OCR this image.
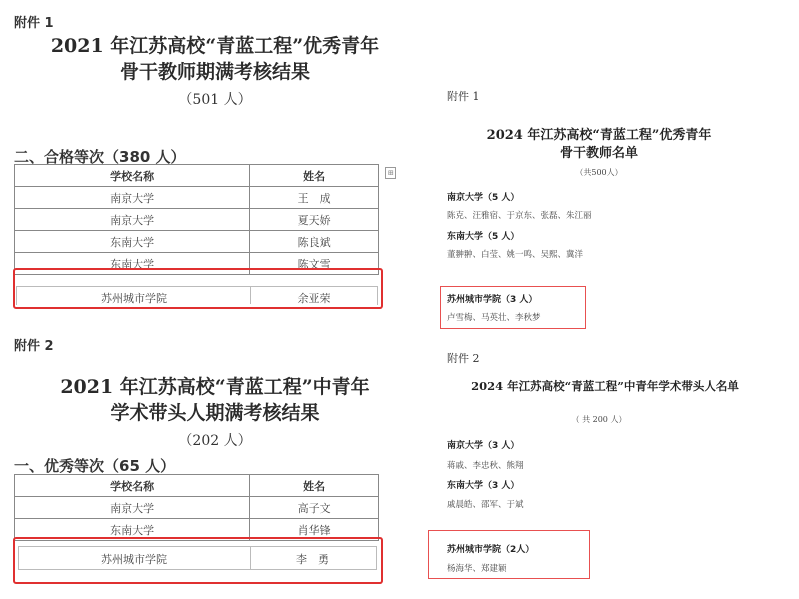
附件 1
2021 年江苏高校“青蓝工程”优秀青年
骨干教师期满考核结果
（501 人）
二、合格等次（380 人）
学校名称	姓名
南京大学	王　成
南京大学	夏天娇
东南大学	陈良斌
东南大学	陈文雪
⊞
苏州城市学院	余亚荣
附件 2
2021 年江苏高校“青蓝工程”中青年
学术带头人期满考核结果
（202 人）
一、优秀等次（65 人）
学校名称	姓名
南京大学	高子文
东南大学	肖华锋
苏州城市学院	李　勇
附件 1
2024 年江苏高校“青蓝工程”优秀青年
骨干教师名单
（共500人）
南京大学（5 人）
陈克、汪雅宿、于京东、张磊、朱江丽
东南大学（5 人）
董翀翀、白莹、姚一鸣、吴熙、冀洋
苏州城市学院（3 人）
卢雪梅、马英壮、李秋梦
附件 2
2024 年江苏高校“青蓝工程”中青年学术带头人名单
（ 共 200 人）
南京大学（3 人）
蒋戚、李忠秋、熊翔
东南大学（3 人）
戚晨皓、邵军、于斌
苏州城市学院（2人）
杨海华、郑建颖
